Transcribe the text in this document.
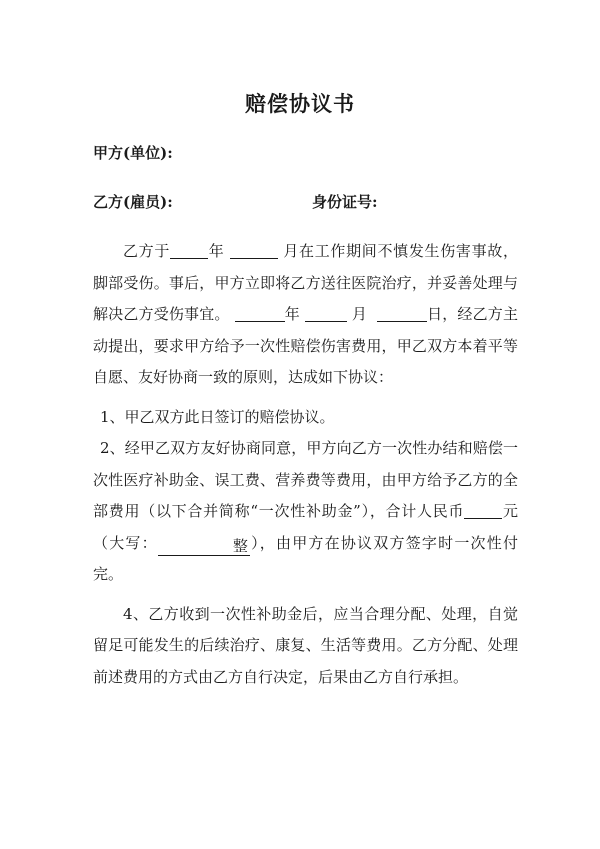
赔偿协议书
甲方(单位):
乙方(雇员):	身份证号:

乙方于	年	月在工作期间不慎发生伤害事故，脚部受伤。事后，甲方立即将乙方送往医院治疗，并妥善处理与解决乙方受伤事宜。	年	月	日，经乙方主动提出，要求甲方给予一次性赔偿伤害费用，甲乙双方本着平等自愿、友好协商一致的原则，达成如下协议：

1、甲乙双方此日签订的赔偿协议。

2、经甲乙双方友好协商同意，甲方向乙方一次性办结和赔偿一次性医疗补助金、误工费、营养费等费用，由甲方给予乙方的全部费用（以下合并简称“一次性补助金”），合计人民币	元（大写：	整 ），由甲方在协议双方签字时一次性付完。

4、乙方收到一次性补助金后，应当合理分配、处理，自觉留足可能发生的后续治疗、康复、生活等费用。乙方分配、处理前述费用的方式由乙方自行决定，后果由乙方自行承担。
